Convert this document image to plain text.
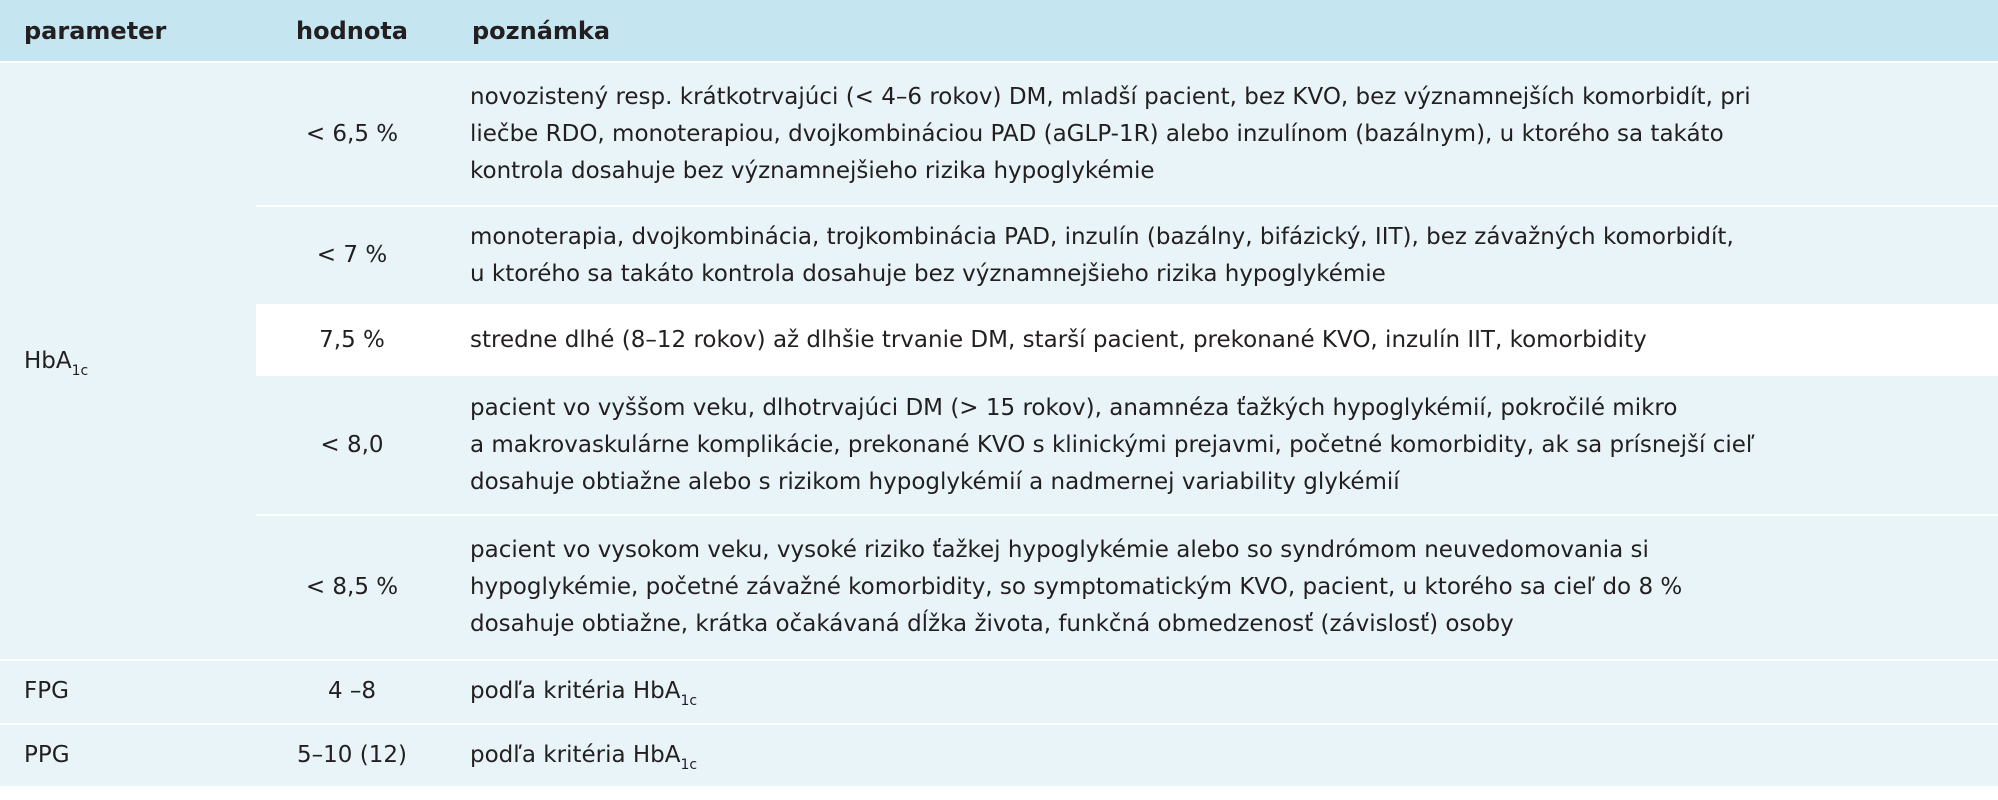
parameter	hodnota	poznámka
HbA$_{1c}$	< 6,5 %	novozistený resp. krátkotrvajúci (< 4–6 rokov) DM, mladší pacient, bez KVO, bez významnejších komorbidít, pri
liečbe RDO, monoterapiou, dvojkombináciou PAD (aGLP-1R) alebo inzulínom (bazálnym), u ktorého sa takáto
kontrola dosahuje bez významnejšieho rizika hypoglykémie

	< 7 %	monoterapia, dvojkombinácia, trojkombinácia PAD, inzulín (bazálny, bifázický, IIT), bez závažných komorbidít,
u ktorého sa takáto kontrola dosahuje bez významnejšieho rizika hypoglykémie

	7,5 %	stredne dlhé (8–12 rokov) až dlhšie trvanie DM, starší pacient, prekonané KVO, inzulín IIT, komorbidity

	< 8,0	pacient vo vyššom veku, dlhotrvajúci DM (> 15 rokov), anamnéza ťažkých hypoglykémií, pokročilé mikro
a makrovaskulárne komplikácie, prekonané KVO s klinickými prejavmi, početné komorbidity, ak sa prísnejší cieľ
dosahuje obtiažne alebo s rizikom hypoglykémií a nadmernej variability glykémií

	< 8,5 %	pacient vo vysokom veku, vysoké riziko ťažkej hypoglykémie alebo so syndrómom neuvedomovania si
hypoglykémie, početné závažné komorbidity, so symptomatickým KVO, pacient, u ktorého sa cieľ do 8 %
dosahuje obtiažne, krátka očakávaná dĺžka života, funkčná obmedzenosť (závislosť) osoby

FPG	4 –8	podľa kritéria HbA$_{1c}$
PPG	5–10 (12)	podľa kritéria HbA$_{1c}$
